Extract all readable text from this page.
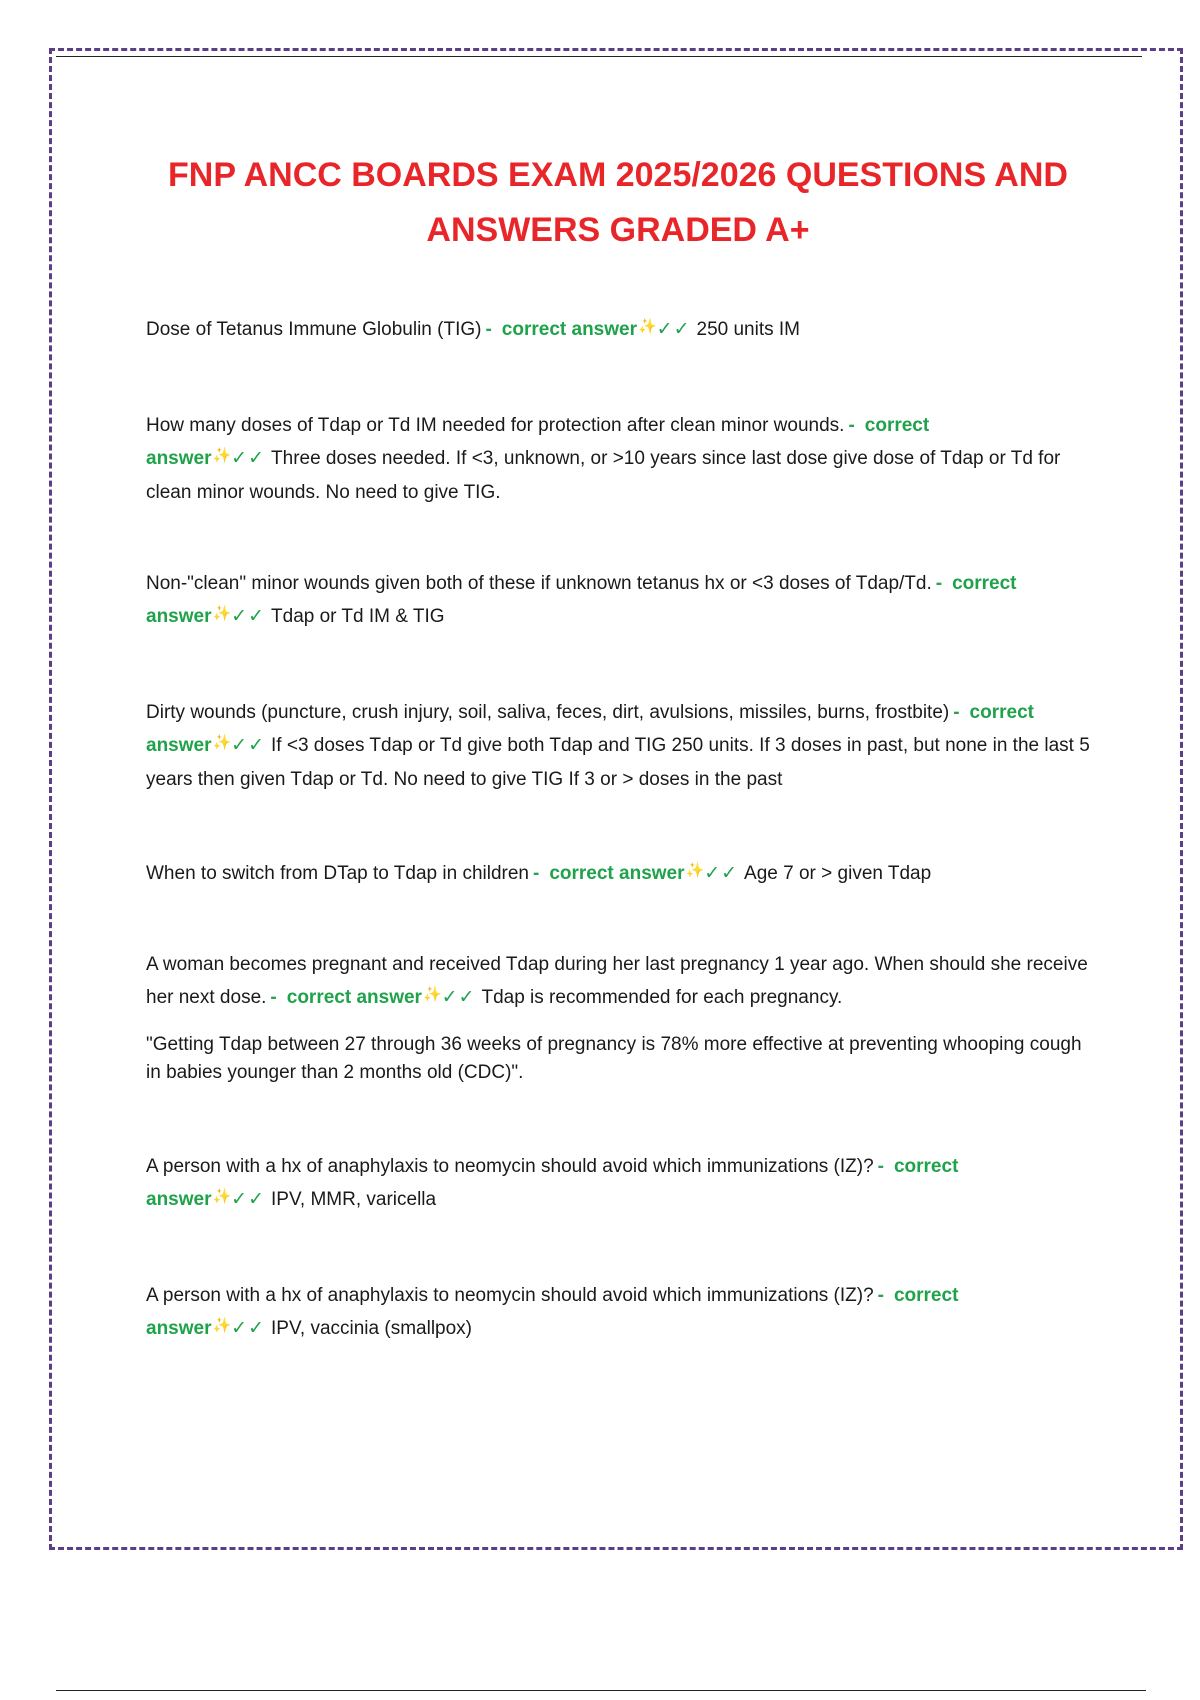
FNP ANCC BOARDS EXAM 2025/2026 QUESTIONS AND ANSWERS GRADED A+

Dose of Tetanus Immune Globulin (TIG) - correct answer✨✓✓ 250 units IM

How many doses of Tdap or Td IM needed for protection after clean minor wounds. - correct answer✨✓✓ Three doses needed. If <3, unknown, or >10 years since last dose give dose of Tdap or Td for clean minor wounds. No need to give TIG.

Non-"clean" minor wounds given both of these if unknown tetanus hx or <3 doses of Tdap/Td. - correct answer✨✓✓ Tdap or Td IM & TIG

Dirty wounds (puncture, crush injury, soil, saliva, feces, dirt, avulsions, missiles, burns, frostbite) - correct answer✨✓✓ If <3 doses Tdap or Td give both Tdap and TIG 250 units. If 3 doses in past, but none in the last 5 years then given Tdap or Td. No need to give TIG If 3 or > doses in the past

When to switch from DTap to Tdap in children - correct answer✨✓✓ Age 7 or > given Tdap

A woman becomes pregnant and received Tdap during her last pregnancy 1 year ago. When should she receive her next dose. - correct answer✨✓✓ Tdap is recommended for each pregnancy.

"Getting Tdap between 27 through 36 weeks of pregnancy is 78% more effective at preventing whooping cough in babies younger than 2 months old (CDC)".

A person with a hx of anaphylaxis to neomycin should avoid which immunizations (IZ)? - correct answer✨✓✓ IPV, MMR, varicella

A person with a hx of anaphylaxis to neomycin should avoid which immunizations (IZ)? - correct answer✨✓✓ IPV, vaccinia (smallpox)
